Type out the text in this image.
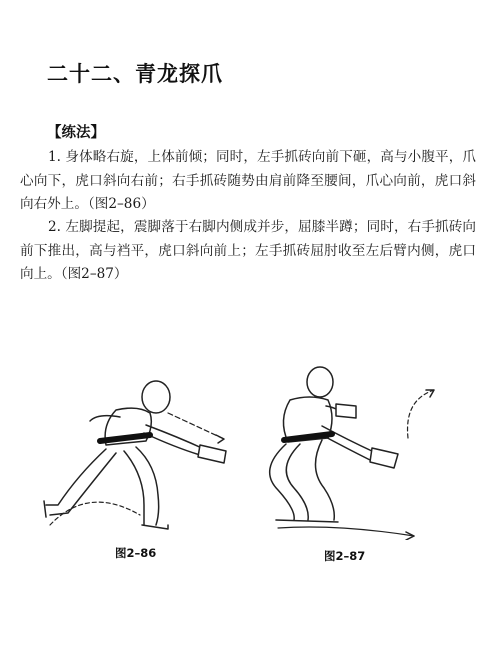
二十二、青龙探爪
【练法】
1. 身体略右旋，上体前倾；同时，左手抓砖向前下砸，高与小腹平，爪心向下，虎口斜向右前；右手抓砖随势由肩前降至腰间，爪心向前，虎口斜向右外上。（图2–86）
2. 左脚提起，震脚落于右脚内侧成并步，屈膝半蹲；同时，右手抓砖向前下推出，高与裆平，虎口斜向前上；左手抓砖屈肘收至左后臂内侧，虎口向上。（图2–87）
图2–86	图2–87
